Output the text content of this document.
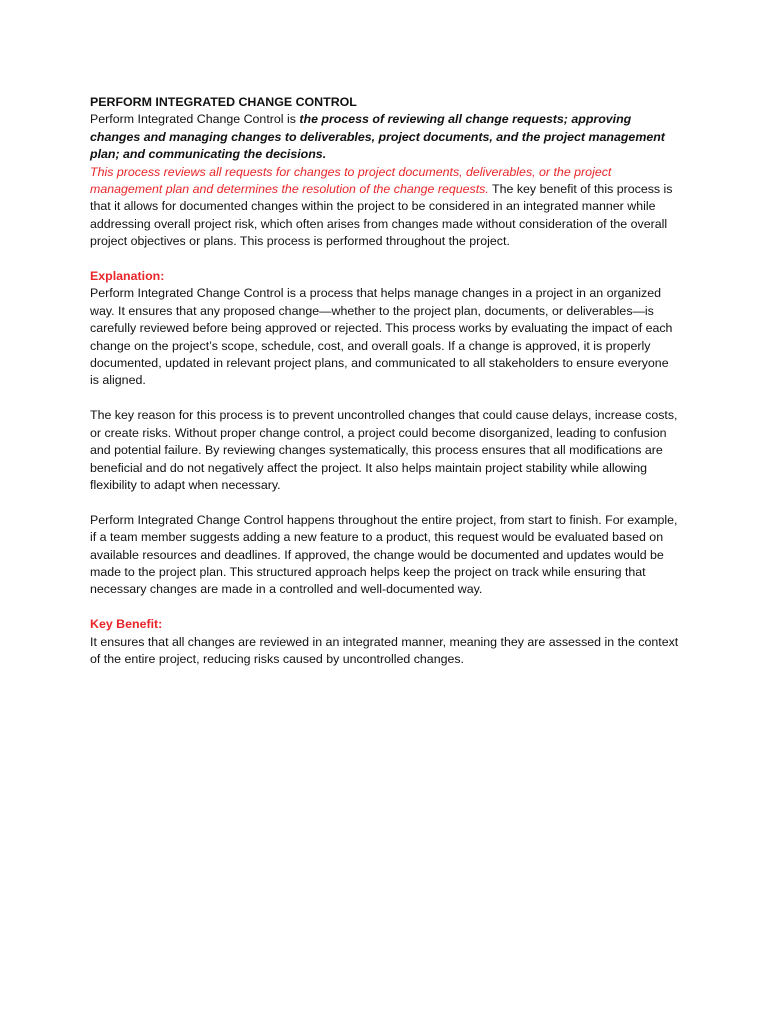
PERFORM INTEGRATED CHANGE CONTROL

Perform Integrated Change Control is the process of reviewing all change requests; approving changes and managing changes to deliverables, project documents, and the project management plan; and communicating the decisions.

This process reviews all requests for changes to project documents, deliverables, or the project management plan and determines the resolution of the change requests. The key benefit of this process is that it allows for documented changes within the project to be considered in an integrated manner while addressing overall project risk, which often arises from changes made without consideration of the overall project objectives or plans. This process is performed throughout the project.

Explanation:

Perform Integrated Change Control is a process that helps manage changes in a project in an organized way. It ensures that any proposed change—whether to the project plan, documents, or deliverables—is carefully reviewed before being approved or rejected. This process works by evaluating the impact of each change on the project’s scope, schedule, cost, and overall goals. If a change is approved, it is properly documented, updated in relevant project plans, and communicated to all stakeholders to ensure everyone is aligned.

The key reason for this process is to prevent uncontrolled changes that could cause delays, increase costs, or create risks. Without proper change control, a project could become disorganized, leading to confusion and potential failure. By reviewing changes systematically, this process ensures that all modifications are beneficial and do not negatively affect the project. It also helps maintain project stability while allowing flexibility to adapt when necessary.

Perform Integrated Change Control happens throughout the entire project, from start to finish. For example, if a team member suggests adding a new feature to a product, this request would be evaluated based on available resources and deadlines. If approved, the change would be documented and updates would be made to the project plan. This structured approach helps keep the project on track while ensuring that necessary changes are made in a controlled and well-documented way.

Key Benefit:

It ensures that all changes are reviewed in an integrated manner, meaning they are assessed in the context of the entire project, reducing risks caused by uncontrolled changes.
